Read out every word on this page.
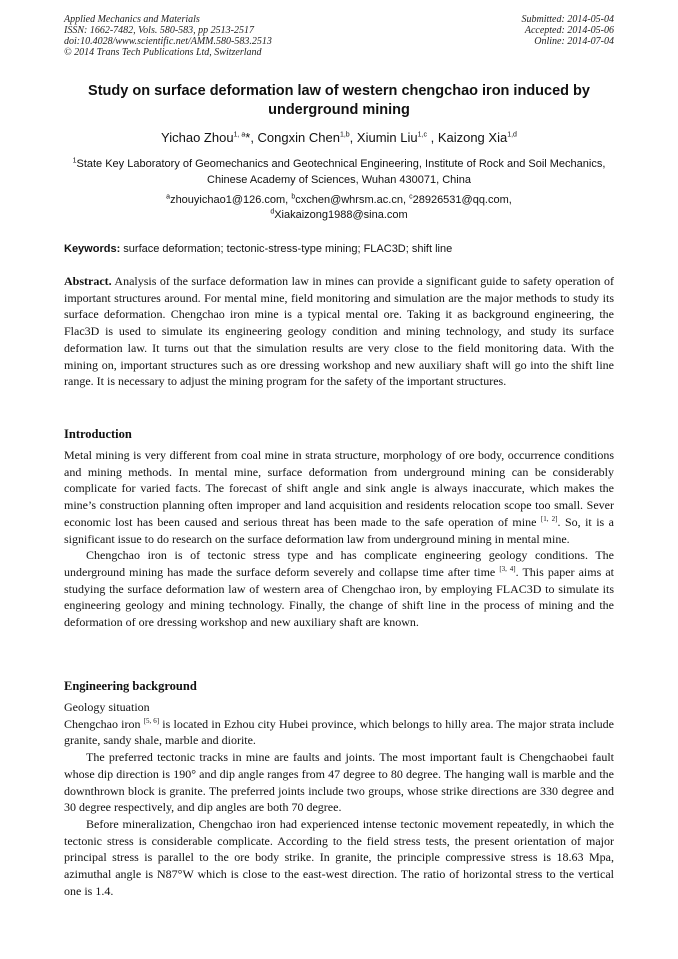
Applied Mechanics and Materials
ISSN: 1662-7482, Vols. 580-583, pp 2513-2517
doi:10.4028/www.scientific.net/AMM.580-583.2513
© 2014 Trans Tech Publications Ltd, Switzerland
Submitted: 2014-05-04
Accepted: 2014-05-06
Online: 2014-07-04
Study on surface deformation law of western chengchao iron induced by underground mining
Yichao Zhou$^{1, a}$*, Congxin Chen$^{1,b}$, Xiumin Liu$^{1,c}$ , Kaizong Xia$^{1,d}$
$^1$State Key Laboratory of Geomechanics and Geotechnical Engineering, Institute of Rock and Soil Mechanics, Chinese Academy of Sciences, Wuhan 430071, China
$^a$zhouyichao1@126.com, $^b$cxchen@whrsm.ac.cn, $^c$28926531@qq.com,
$^d$Xiakaizong1988@sina.com
Keywords: surface deformation; tectonic-stress-type mining; FLAC3D; shift line

Abstract. Analysis of the surface deformation law in mines can provide a significant guide to safety operation of important structures around. For mental mine, field monitoring and simulation are the major methods to study its surface deformation. Chengchao iron mine is a typical mental ore. Taking it as background engineering, the Flac3D is used to simulate its engineering geology condition and mining technology, and study its surface deformation law. It turns out that the simulation results are very close to the field monitoring data. With the mining on, important structures such as ore dressing workshop and new auxiliary shaft will go into the shift line range. It is necessary to adjust the mining program for the safety of the important structures.

Introduction

Metal mining is very different from coal mine in strata structure, morphology of ore body, occurrence conditions and mining methods. In mental mine, surface deformation from underground mining can be considerably complicate for varied facts. The forecast of shift angle and sink angle is always inaccurate, which makes the mine’s construction planning often improper and land acquisition and residents relocation scope too small. Sever economic lost has been caused and serious threat has been made to the safe operation of mine [1, 2]. So, it is a significant issue to do research on the surface deformation law from underground mining in mental mine.

Chengchao iron is of tectonic stress type and has complicate engineering geology conditions. The underground mining has made the surface deform severely and collapse time after time [3, 4]. This paper aims at studying the surface deformation law of western area of Chengchao iron, by employing FLAC3D to simulate its engineering geology and mining technology. Finally, the change of shift line in the process of mining and the deformation of ore dressing workshop and new auxiliary shaft are known.

Engineering background

Geology situation

Chengchao iron [5, 6] is located in Ezhou city Hubei province, which belongs to hilly area. The major strata include granite, sandy shale, marble and diorite.

The preferred tectonic tracks in mine are faults and joints. The most important fault is Chengchaobei fault whose dip direction is 190° and dip angle ranges from 47 degree to 80 degree. The hanging wall is marble and the downthrown block is granite. The preferred joints include two groups, whose strike directions are 330 degree and 30 degree respectively, and dip angles are both 70 degree.

Before mineralization, Chengchao iron had experienced intense tectonic movement repeatedly, in which the tectonic stress is considerable complicate. According to the field stress tests, the present orientation of major principal stress is parallel to the ore body strike. In granite, the principle compressive stress is 18.63 Mpa, azimuthal angle is N87°W which is close to the east-west direction. The ratio of horizontal stress to the vertical one is 1.4.
